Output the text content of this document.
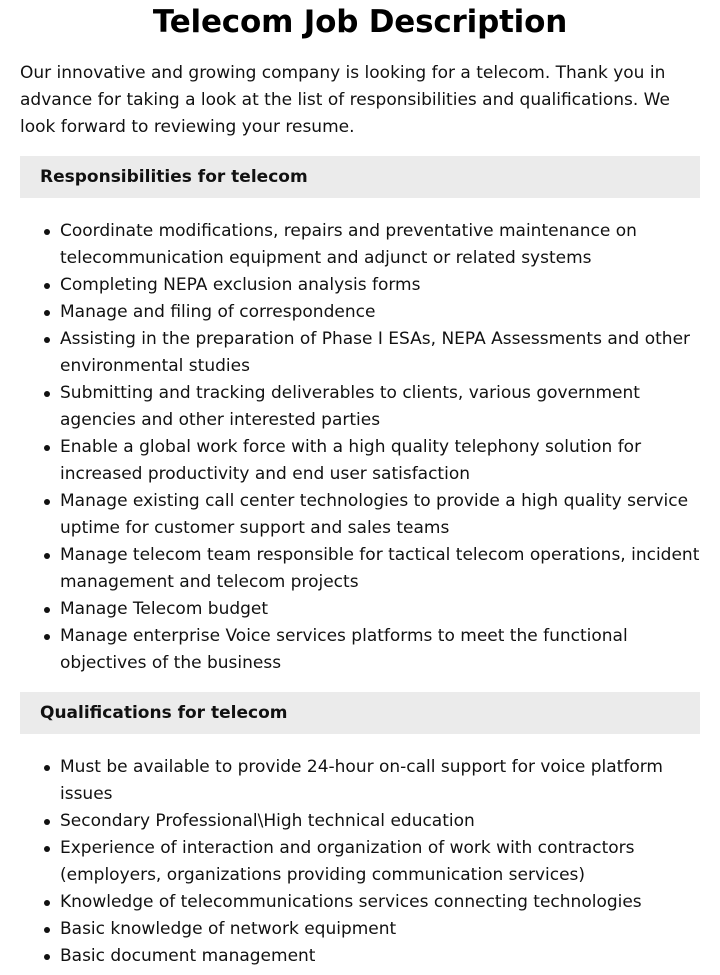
Telecom Job Description

Our innovative and growing company is looking for a telecom. Thank you in advance for taking a look at the list of responsibilities and qualifications. We look forward to reviewing your resume.

Responsibilities for telecom
Coordinate modifications, repairs and preventative maintenance on telecommunication equipment and adjunct or related systems
Completing NEPA exclusion analysis forms
Manage and filing of correspondence
Assisting in the preparation of Phase I ESAs, NEPA Assessments and other environmental studies
Submitting and tracking deliverables to clients, various government agencies and other interested parties
Enable a global work force with a high quality telephony solution for increased productivity and end user satisfaction
Manage existing call center technologies to provide a high quality service uptime for customer support and sales teams
Manage telecom team responsible for tactical telecom operations, incident management and telecom projects
Manage Telecom budget
Manage enterprise Voice services platforms to meet the functional objectives of the business
Qualifications for telecom
Must be available to provide 24-hour on-call support for voice platform issues
Secondary Professional\High technical education
Experience of interaction and organization of work with contractors (employers, organizations providing communication services)
Knowledge of telecommunications services connecting technologies
Basic knowledge of network equipment
Basic document management
